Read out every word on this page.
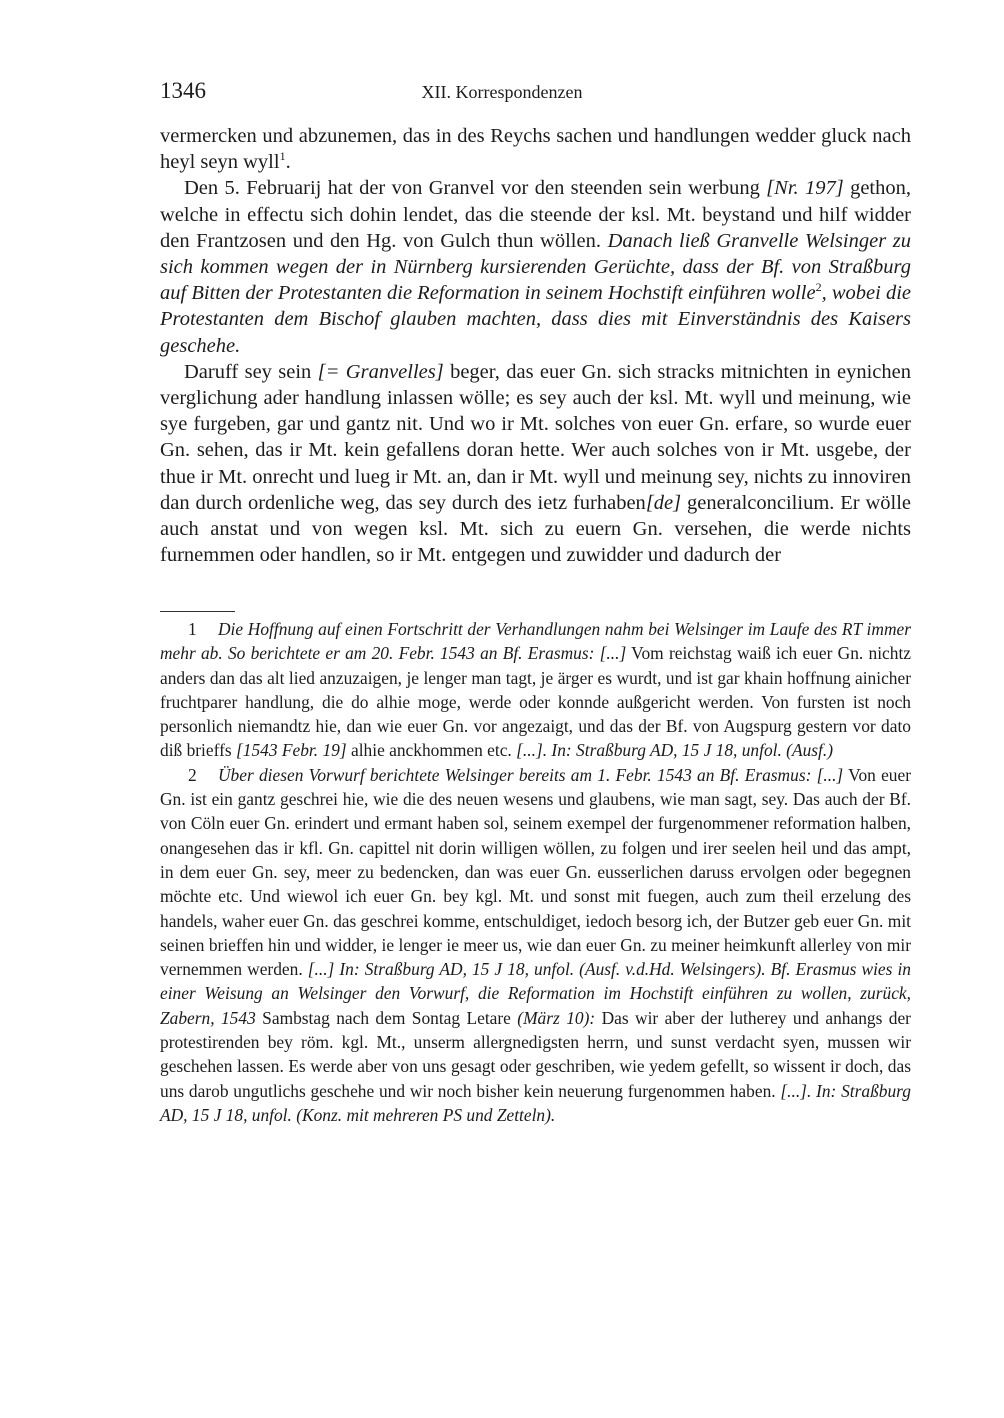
1346	XII. Korrespondenzen

vermercken und abzunemen, das in des Reychs sachen und handlungen wedder gluck nach heyl seyn wyll$^1$.

Den 5. Februarij hat der von Granvel vor den steenden sein werbung [Nr. 197] gethon, welche in effectu sich dohin lendet, das die steende der ksl. Mt. beystand und hilf widder den Frantzosen und den Hg. von Gulch thun wöllen. Danach ließ Granvelle Welsinger zu sich kommen wegen der in Nürnberg kursierenden Gerüchte, dass der Bf. von Straßburg auf Bitten der Protestanten die Reformation in seinem Hochstift einführen wolle$^2$, wobei die Protestanten dem Bischof glauben machten, dass dies mit Einverständnis des Kaisers geschehe.

Daruff sey sein [= Granvelles] beger, das euer Gn. sich stracks mitnichten in eynichen verglichung ader handlung inlassen wölle; es sey auch der ksl. Mt. wyll und meinung, wie sye furgeben, gar und gantz nit. Und wo ir Mt. solches von euer Gn. erfare, so wurde euer Gn. sehen, das ir Mt. kein gefallens doran hette. Wer auch solches von ir Mt. usgebe, der thue ir Mt. onrecht und lueg ir Mt. an, dan ir Mt. wyll und meinung sey, nichts zu innoviren dan durch ordenliche weg, das sey durch des ietz furhaben[de] generalconcilium. Er wölle auch anstat und von wegen ksl. Mt. sich zu euern Gn. versehen, die werde nichts furnemmen oder handlen, so ir Mt. entgegen und zuwidder und dadurch der

1 Die Hoffnung auf einen Fortschritt der Verhandlungen nahm bei Welsinger im Laufe des RT immer mehr ab. So berichtete er am 20. Febr. 1543 an Bf. Erasmus: [...] Vom reichstag waiß ich euer Gn. nichtz anders dan das alt lied anzuzaigen, je lenger man tagt, je ärger es wurdt, und ist gar khain hoffnung ainicher fruchtparer handlung, die do alhie moge, werde oder konnde außgericht werden. Von fursten ist noch personlich niemandtz hie, dan wie euer Gn. vor angezaigt, und das der Bf. von Augspurg gestern vor dato diß brieffs [1543 Febr. 19] alhie anckhommen etc. [...]. In: Straßburg AD, 15 J 18, unfol. (Ausf.)

2 Über diesen Vorwurf berichtete Welsinger bereits am 1. Febr. 1543 an Bf. Erasmus: [...] Von euer Gn. ist ein gantz geschrei hie, wie die des neuen wesens und glaubens, wie man sagt, sey. Das auch der Bf. von Cöln euer Gn. erindert und ermant haben sol, seinem exempel der furgenommener reformation halben, onangesehen das ir kfl. Gn. capittel nit dorin willigen wöllen, zu folgen und irer seelen heil und das ampt, in dem euer Gn. sey, meer zu bedencken, dan was euer Gn. eusserlichen daruss ervolgen oder begegnen möchte etc. Und wiewol ich euer Gn. bey kgl. Mt. und sonst mit fuegen, auch zum theil erzelung des handels, waher euer Gn. das geschrei komme, entschuldiget, iedoch besorg ich, der Butzer geb euer Gn. mit seinen brieffen hin und widder, ie lenger ie meer us, wie dan euer Gn. zu meiner heimkunft allerley von mir vernemmen werden. [...] In: Straßburg AD, 15 J 18, unfol. (Ausf. v.d.Hd. Welsingers). Bf. Erasmus wies in einer Weisung an Welsinger den Vorwurf, die Reformation im Hochstift einführen zu wollen, zurück, Zabern, 1543 Sambstag nach dem Sontag Letare (März 10): Das wir aber der lutherey und anhangs der protestirenden bey röm. kgl. Mt., unserm allergnedigsten herrn, und sunst verdacht syen, mussen wir geschehen lassen. Es werde aber von uns gesagt oder geschriben, wie yedem gefellt, so wissent ir doch, das uns darob ungutlichs geschehe und wir noch bisher kein neuerung furgenommen haben. [...]. In: Straßburg AD, 15 J 18, unfol. (Konz. mit mehreren PS und Zetteln).
